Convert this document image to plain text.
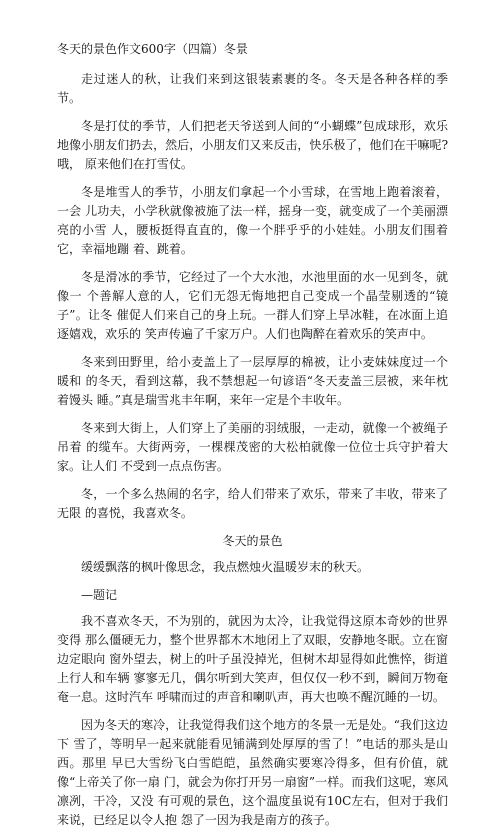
冬天的景色作文600字（四篇）冬景

走过迷人的秋，让我们来到这银装素裹的冬。冬天是各种各样的季节。

冬是打仗的季节，人们把老天爷送到人间的“小蝴蝶”包成球形，欢乐 地像小朋友们扔去，然后，小朋友们又来反击，快乐极了，他们在干嘛呢?哦， 原来他们在打雪仗。

冬是堆雪人的季节，小朋友们拿起一个小雪球，在雪地上跑着滚着，一会 儿功夫，小学秋就像被施了法一样，摇身一变，就变成了一个美丽漂亮的小雪 人，腰板挺得直直的，像一个胖乎乎的小娃娃。小朋友们围着它，幸福地蹦 着、跳着。

冬是滑冰的季节，它经过了一个大水池，水池里面的水一见到冬，就像一 个善解人意的人，它们无怨无悔地把自己变成一个晶莹剔透的“镜子”。让冬 催促人们来自己的身上玩。一群人们穿上旱冰鞋，在冰面上追逐嬉戏，欢乐的 笑声传遍了千家万户。人们也陶醉在着欢乐的笑声中。

冬来到田野里，给小麦盖上了一层厚厚的棉被，让小麦妹妹度过一个暖和 的冬天，看到这幕，我不禁想起一句谚语“冬天麦盖三层被，来年枕着馒头 睡。”真是瑞雪兆丰年啊，来年一定是个丰收年。

冬来到大街上，人们穿上了美丽的羽绒服，一走动，就像一个被绳子吊着 的缆车。大街两旁，一棵棵茂密的大松柏就像一位位士兵守护着大家。让人们 不受到一点点伤害。

冬，一个多么热闹的名字，给人们带来了欢乐，带来了丰收，带来了无限 的喜悦，我喜欢冬。

冬天的景色

缓缓飘落的枫叶像思念，我点燃烛火温暖岁末的秋天。

—题记

我不喜欢冬天，不为别的，就因为太冷，让我觉得这原本奇妙的世界变得 那么僵硬无力，整个世界都木木地闭上了双眼，安静地冬眠。立在窗边定眼向 窗外望去，树上的叶子虽没掉光，但树木却显得如此憔悴，街道上行人和车辆 寥寥无几，偶尔听到大笑声，但仅仅一秒不到，瞬间万物奄奄一息。这时汽车 呼啸而过的声音和喇叭声，再大也唤不醒沉睡的一切。

因为冬天的寒冷，让我觉得我们这个地方的冬景一无是处。“我们这边下 雪了，等明早一起来就能看见铺满到处厚厚的雪了！”电话的那头是山西。那里 早已大雪纷飞白雪皑皑，虽然确实要寒冷得多，但有价值，就像“上帝关了你一扇 门，就会为你打开另一扇窗”一样。而我们这呢，寒风凛冽，干冷，又没 有可观的景色，这个温度虽说有10C左右，但对于我们来说，已经足以令人抱 怨了一因为我是南方的孩子。
